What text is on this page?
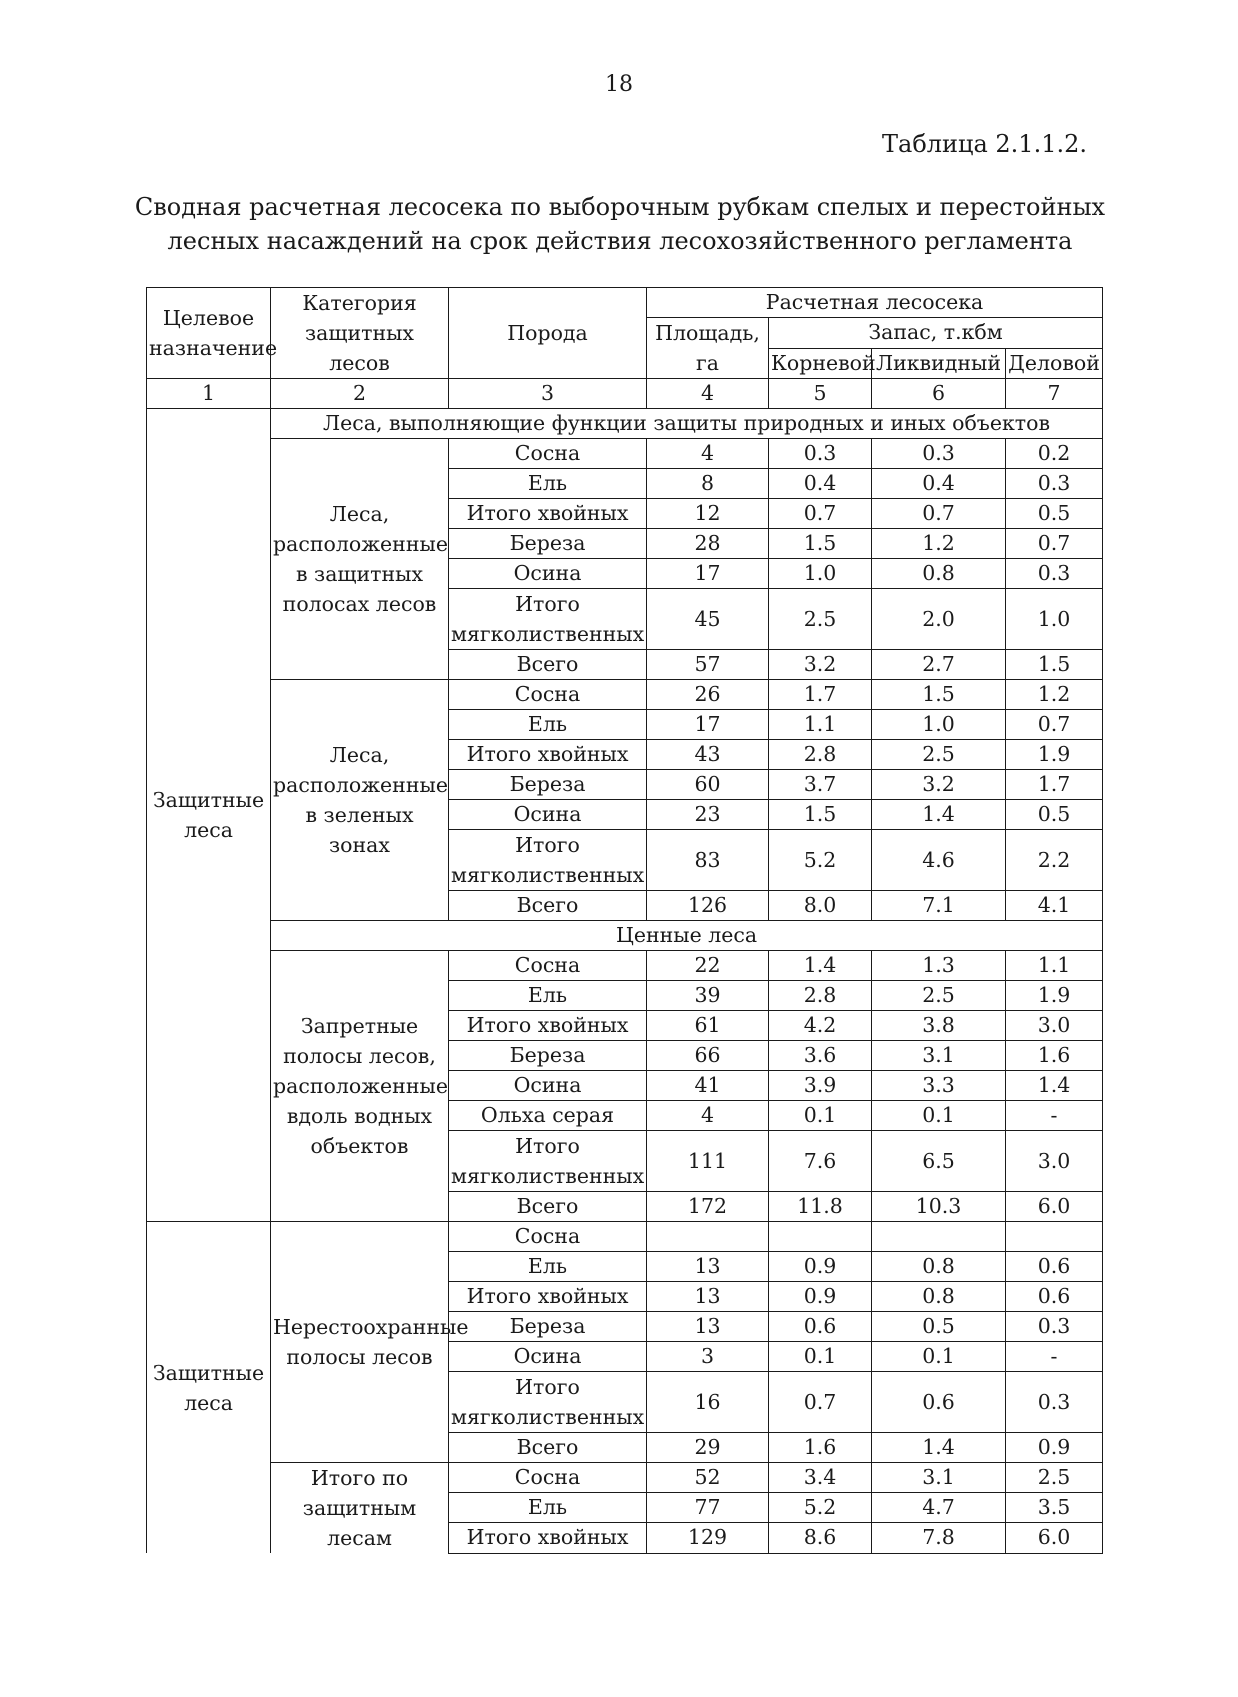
18
Таблица 2.1.1.2.
Сводная расчетная лесосека по выборочным рубкам спелых и перестойных
лесных насаждений на срок действия лесохозяйственного регламента
Целевое назначение	Категория защитных лесов	Порода	Расчетная лесосека			
			Площадь, га	Запас, т.кбм		
				Корневой	Ликвидный	Деловой
1	2	3	4	5	6	7
Защитные леса	Леса, выполняющие функции защиты природных и иных объектов					
	Леса, расположенные в защитных полосах лесов	Сосна	4	0.3	0.3	0.2
		Ель	8	0.4	0.4	0.3
		Итого хвойных	12	0.7	0.7	0.5
		Береза	28	1.5	1.2	0.7
		Осина	17	1.0	0.8	0.3
		Итого мягколиственных	45	2.5	2.0	1.0
		Всего	57	3.2	2.7	1.5
	Леса, расположенные в зеленых зонах	Сосна	26	1.7	1.5	1.2
		Ель	17	1.1	1.0	0.7
		Итого хвойных	43	2.8	2.5	1.9
		Береза	60	3.7	3.2	1.7
		Осина	23	1.5	1.4	0.5
		Итого мягколиственных	83	5.2	4.6	2.2
		Всего	126	8.0	7.1	4.1
	Ценные леса					
	Запретные полосы лесов, расположенные вдоль водных объектов	Сосна	22	1.4	1.3	1.1
		Ель	39	2.8	2.5	1.9
		Итого хвойных	61	4.2	3.8	3.0
		Береза	66	3.6	3.1	1.6
		Осина	41	3.9	3.3	1.4
		Ольха серая	4	0.1	0.1	-
		Итого мягколиственных	111	7.6	6.5	3.0
		Всего	172	11.8	10.3	6.0
Защитные леса	Нерестоохранные полосы лесов	Сосна				
		Ель	13	0.9	0.8	0.6
		Итого хвойных	13	0.9	0.8	0.6
		Береза	13	0.6	0.5	0.3
		Осина	3	0.1	0.1	-
		Итого мягколиственных	16	0.7	0.6	0.3
		Всего	29	1.6	1.4	0.9
	Итого по защитным лесам	Сосна	52	3.4	3.1	2.5
		Ель	77	5.2	4.7	3.5
		Итого хвойных	129	8.6	7.8	6.0
